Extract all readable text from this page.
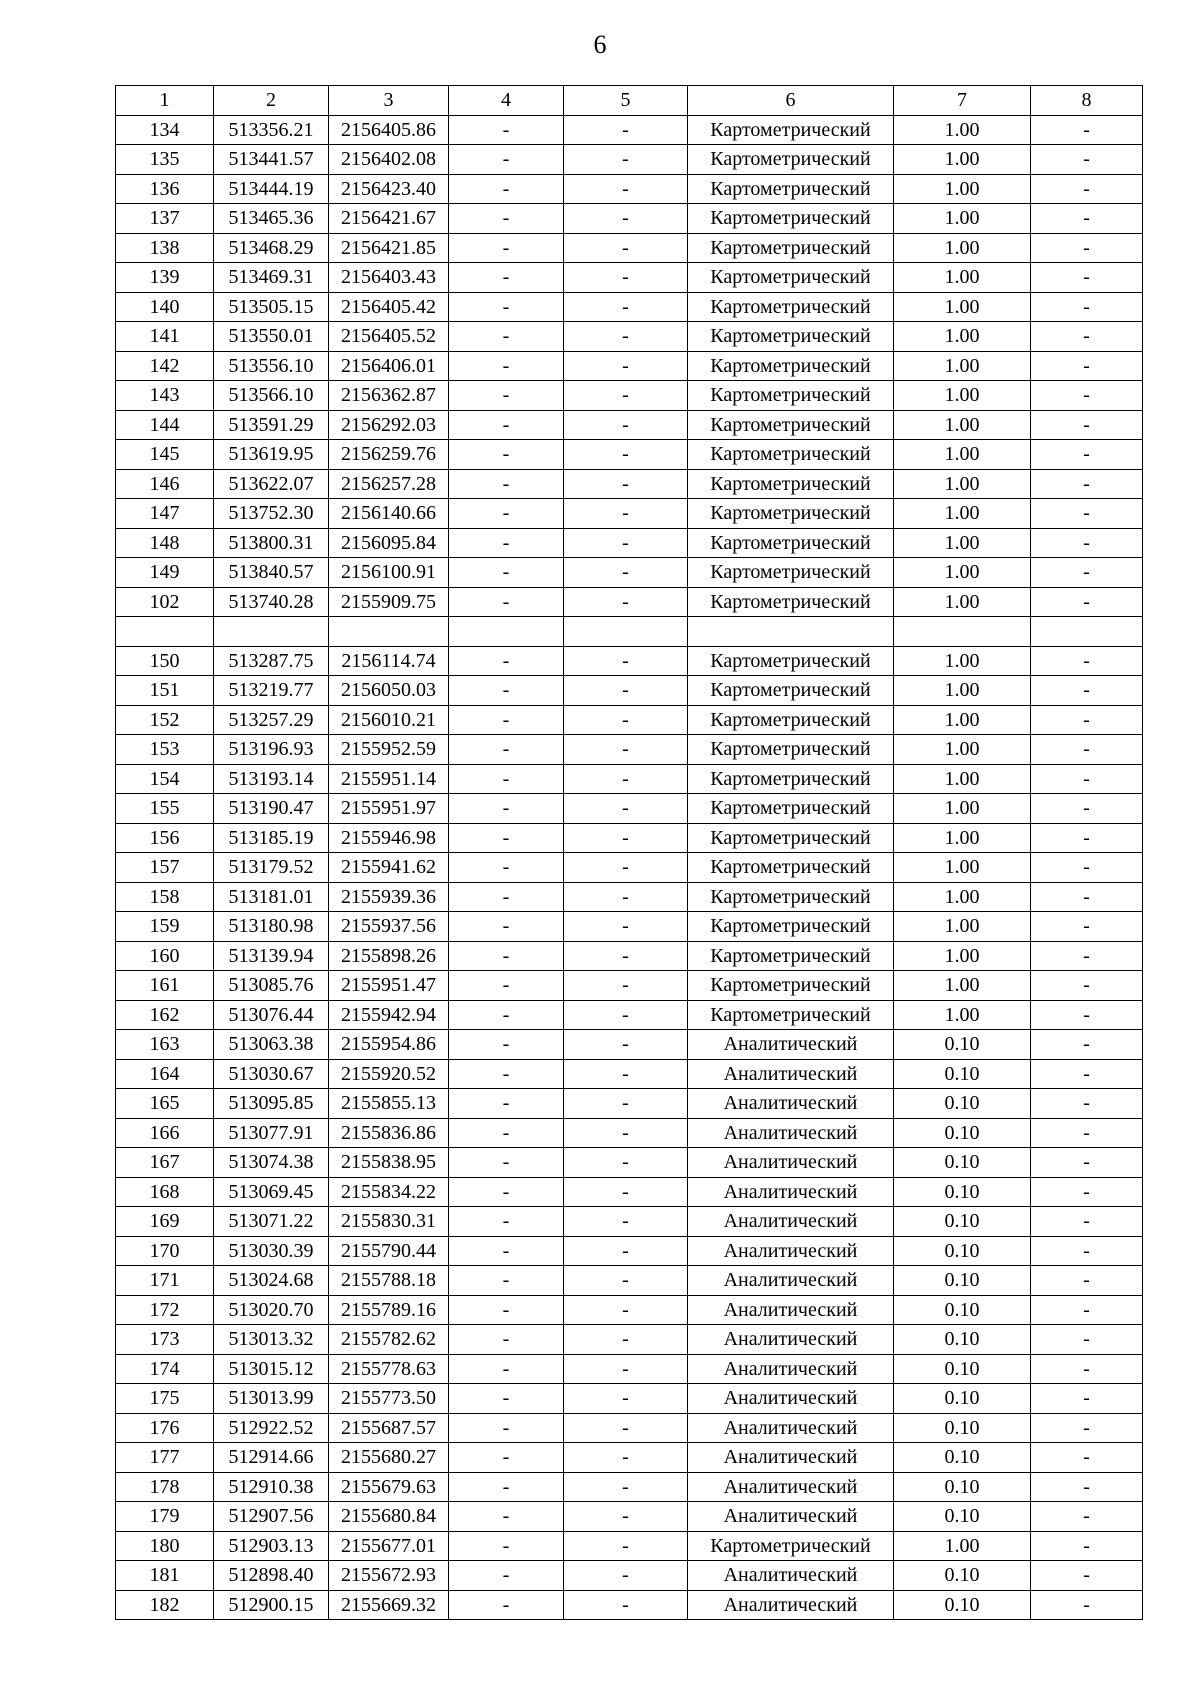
6
1	2	3	4	5	6	7	8
134	513356.21	2156405.86	-	-	Картометрический	1.00	-
135	513441.57	2156402.08	-	-	Картометрический	1.00	-
136	513444.19	2156423.40	-	-	Картометрический	1.00	-
137	513465.36	2156421.67	-	-	Картометрический	1.00	-
138	513468.29	2156421.85	-	-	Картометрический	1.00	-
139	513469.31	2156403.43	-	-	Картометрический	1.00	-
140	513505.15	2156405.42	-	-	Картометрический	1.00	-
141	513550.01	2156405.52	-	-	Картометрический	1.00	-
142	513556.10	2156406.01	-	-	Картометрический	1.00	-
143	513566.10	2156362.87	-	-	Картометрический	1.00	-
144	513591.29	2156292.03	-	-	Картометрический	1.00	-
145	513619.95	2156259.76	-	-	Картометрический	1.00	-
146	513622.07	2156257.28	-	-	Картометрический	1.00	-
147	513752.30	2156140.66	-	-	Картометрический	1.00	-
148	513800.31	2156095.84	-	-	Картометрический	1.00	-
149	513840.57	2156100.91	-	-	Картометрический	1.00	-
102	513740.28	2155909.75	-	-	Картометрический	1.00	-

150	513287.75	2156114.74	-	-	Картометрический	1.00	-
151	513219.77	2156050.03	-	-	Картометрический	1.00	-
152	513257.29	2156010.21	-	-	Картометрический	1.00	-
153	513196.93	2155952.59	-	-	Картометрический	1.00	-
154	513193.14	2155951.14	-	-	Картометрический	1.00	-
155	513190.47	2155951.97	-	-	Картометрический	1.00	-
156	513185.19	2155946.98	-	-	Картометрический	1.00	-
157	513179.52	2155941.62	-	-	Картометрический	1.00	-
158	513181.01	2155939.36	-	-	Картометрический	1.00	-
159	513180.98	2155937.56	-	-	Картометрический	1.00	-
160	513139.94	2155898.26	-	-	Картометрический	1.00	-
161	513085.76	2155951.47	-	-	Картометрический	1.00	-
162	513076.44	2155942.94	-	-	Картометрический	1.00	-
163	513063.38	2155954.86	-	-	Аналитический	0.10	-
164	513030.67	2155920.52	-	-	Аналитический	0.10	-
165	513095.85	2155855.13	-	-	Аналитический	0.10	-
166	513077.91	2155836.86	-	-	Аналитический	0.10	-
167	513074.38	2155838.95	-	-	Аналитический	0.10	-
168	513069.45	2155834.22	-	-	Аналитический	0.10	-
169	513071.22	2155830.31	-	-	Аналитический	0.10	-
170	513030.39	2155790.44	-	-	Аналитический	0.10	-
171	513024.68	2155788.18	-	-	Аналитический	0.10	-
172	513020.70	2155789.16	-	-	Аналитический	0.10	-
173	513013.32	2155782.62	-	-	Аналитический	0.10	-
174	513015.12	2155778.63	-	-	Аналитический	0.10	-
175	513013.99	2155773.50	-	-	Аналитический	0.10	-
176	512922.52	2155687.57	-	-	Аналитический	0.10	-
177	512914.66	2155680.27	-	-	Аналитический	0.10	-
178	512910.38	2155679.63	-	-	Аналитический	0.10	-
179	512907.56	2155680.84	-	-	Аналитический	0.10	-
180	512903.13	2155677.01	-	-	Картометрический	1.00	-
181	512898.40	2155672.93	-	-	Аналитический	0.10	-
182	512900.15	2155669.32	-	-	Аналитический	0.10	-
